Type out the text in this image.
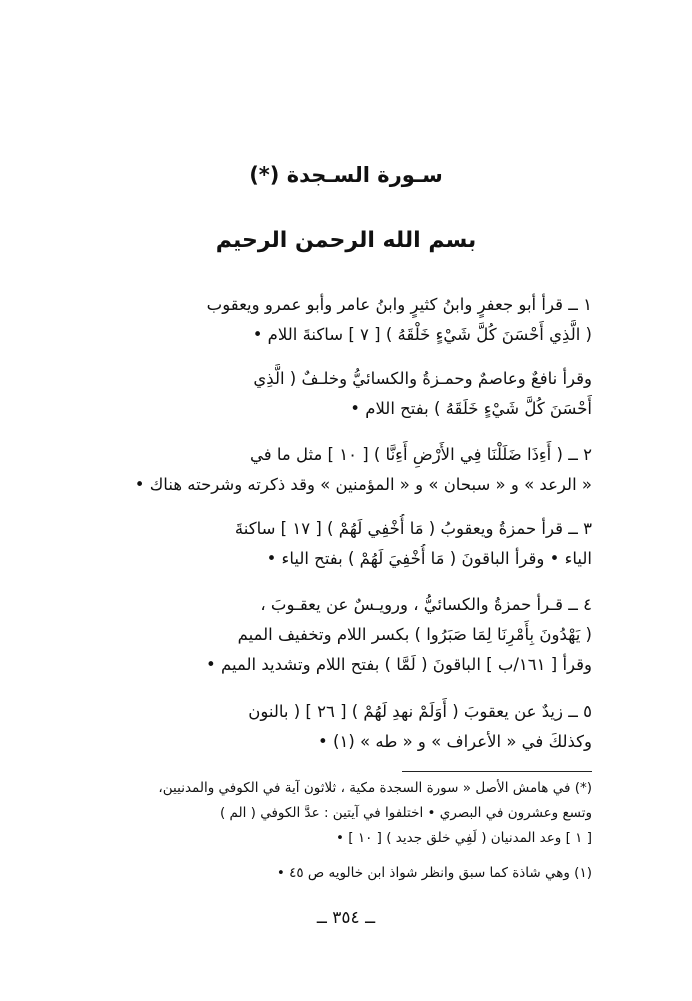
سـورة السـجدة (*)
بسم الله الرحمن الرحيم
١ ــ قرأ أبو جعفرٍ وابنُ كثيرٍ وابنُ عامر وأبو عمرو ويعقوب
( الَّذِي أَحْسَنَ كُلَّ شَيْءٍ خَلْقَهُ ) [ ٧ ] ساكنةَ اللام •
وقرأ نافعٌ وعاصمٌ وحمـزةُ والكسائيُّ وخلـفٌ ( الَّذِي
أَحْسَنَ كُلَّ شَيْءٍ خَلَقَهُ ) بفتح اللام •
٢ ــ ( أَءِذَا ضَلَلْنَا فِي الأَرْضِ أَءِنَّا ) [ ١٠ ] مثل ما في
« الرعد » و « سبحان » و « المؤمنين » وقد ذكرته وشرحته هناك •
٣ ــ قرأ حمزةُ ويعقوبُ ( مَا أُخْفِي لَهُمْ ) [ ١٧ ] ساكنةَ
الياء • وقرأ الباقونَ ( مَا أُخْفِيَ لَهُمْ ) بفتح الياء •
٤ ــ قـرأ حمزةُ والكسائيُّ ، ورويـسٌ عن يعقـوبَ ،
( يَهْدُونَ بِأَمْرِنَا لِمَا صَبَرُوا ) بكسر اللام وتخفيف الميم
وقرأ [ ١٦١/ب ] الباقونَ ( لَمَّا ) بفتح اللام وتشديد الميم •
٥ ــ زيدٌ عن يعقوبَ ( أَوَلَمْ نهدِ لَهُمْ ) [ ٢٦ ] ( بالنون
وكذلكَ في « الأعراف » و « طه » (١) •
(*) في هامش الأصل « سورة السجدة مكية ، ثلاثون آية في الكوفي والمدنيين،
وتسع وعشرون في البصري • اختلفوا في آيتين : عدَّ الكوفي ( الم )
[ ١ ] وعد المدنيان ( لَفِي خلق جديد ) [ ١٠ ] •
(١) وهي شاذة كما سبق وانظر شواذ ابن خالويه ص ٤٥ •
ــ ٣٥٤ ــ
